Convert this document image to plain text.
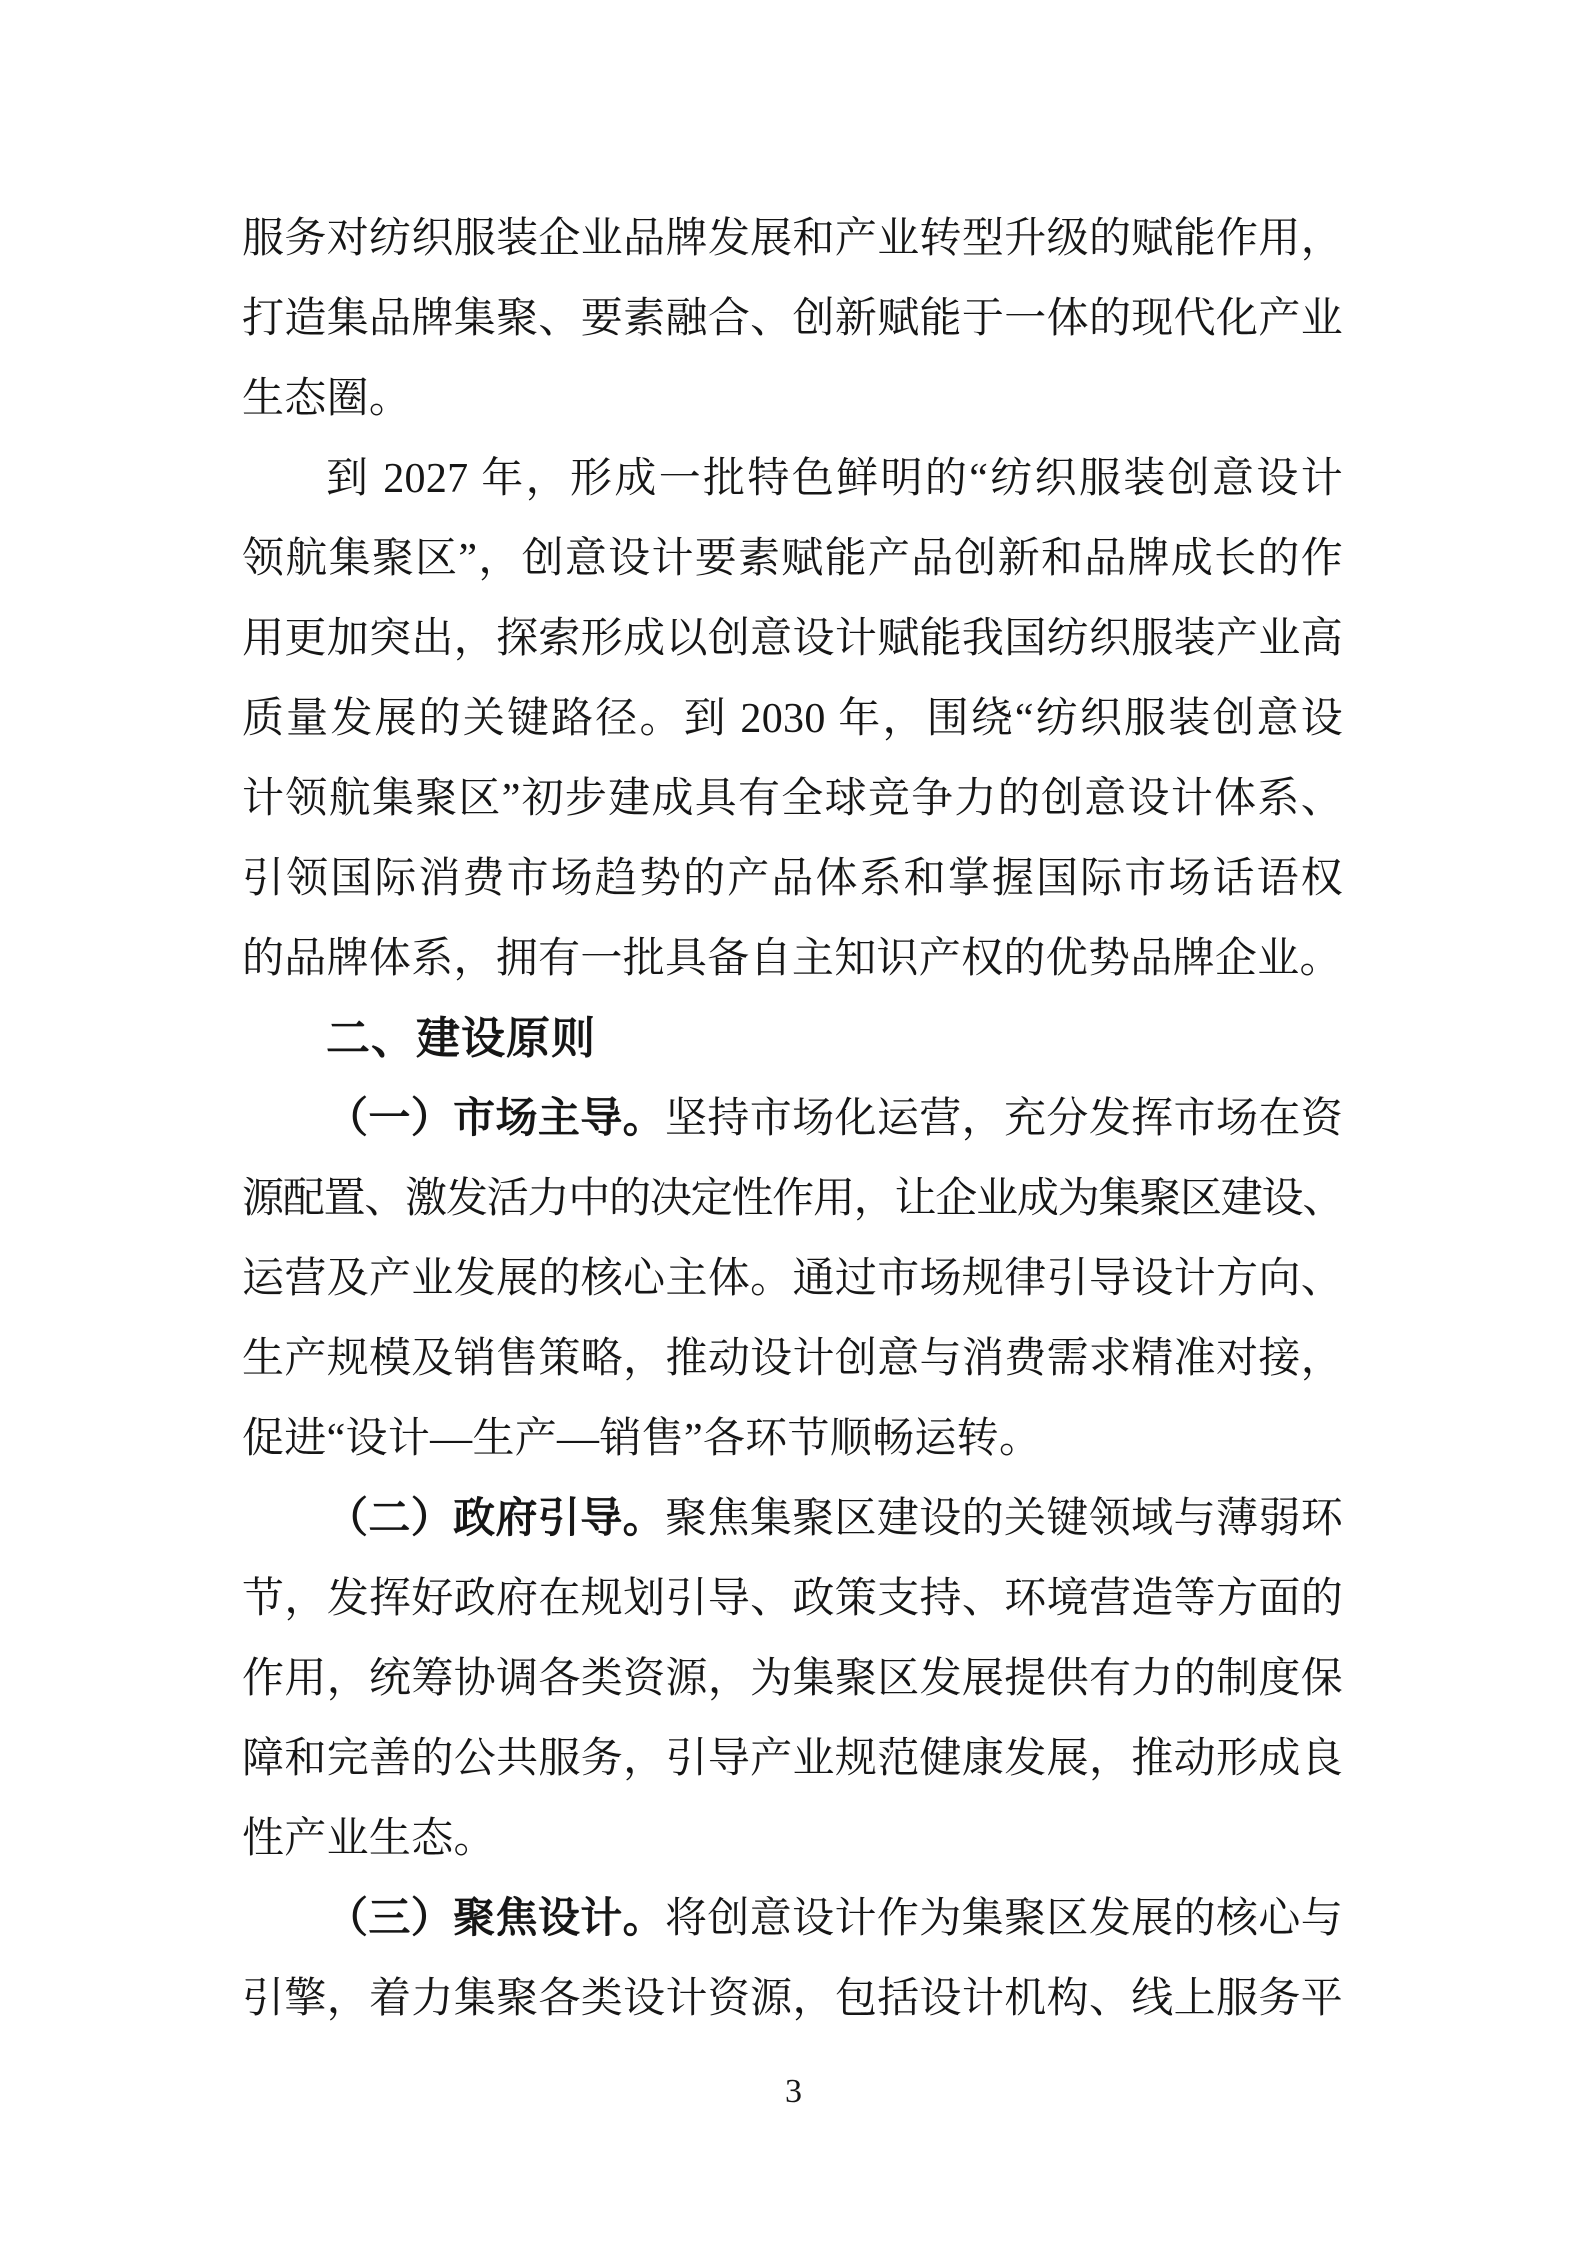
服务对纺织服装企业品牌发展和产业转型升级的赋能作用，
打造集品牌集聚、要素融合、创新赋能于一体的现代化产业
生态圈。
到 2027 年，形成一批特色鲜明的“纺织服装创意设计
领航集聚区”，创意设计要素赋能产品创新和品牌成长的作
用更加突出，探索形成以创意设计赋能我国纺织服装产业高
质量发展的关键路径。到 2030 年，围绕“纺织服装创意设
计领航集聚区”初步建成具有全球竞争力的创意设计体系、
引领国际消费市场趋势的产品体系和掌握国际市场话语权
的品牌体系，拥有一批具备自主知识产权的优势品牌企业。
二、建设原则
（一）市场主导。坚持市场化运营，充分发挥市场在资
源配置、激发活力中的决定性作用，让企业成为集聚区建设、
运营及产业发展的核心主体。通过市场规律引导设计方向、
生产规模及销售策略，推动设计创意与消费需求精准对接，
促进“设计—生产—销售”各环节顺畅运转。
（二）政府引导。聚焦集聚区建设的关键领域与薄弱环
节，发挥好政府在规划引导、政策支持、环境营造等方面的
作用，统筹协调各类资源，为集聚区发展提供有力的制度保
障和完善的公共服务，引导产业规范健康发展，推动形成良
性产业生态。
（三）聚焦设计。将创意设计作为集聚区发展的核心与
引擎，着力集聚各类设计资源，包括设计机构、线上服务平
3
